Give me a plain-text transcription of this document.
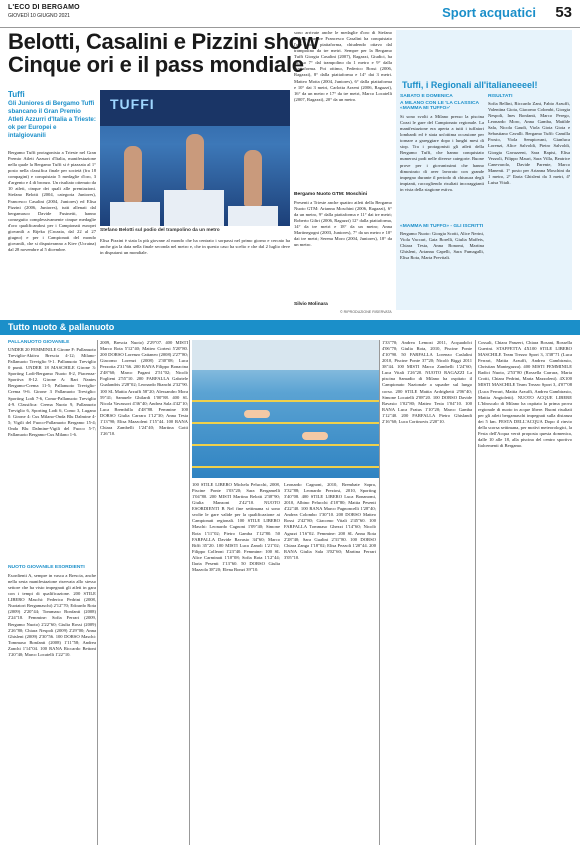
L'ECO DI BERGAMO
GIOVEDÌ 10 GIUGNO 2021	Sport acquatici 53
Belotti, Casalini e Pizzini show Cinque ori e il pass mondiale
Tuffi
Gli Juniores di Bergamo Tuffi sbancano il Gran Premio Atleti Azzurri d'Italia a Trieste: ok per Europei e intalgiovanili
Bergamo Tuffi protagonista a Trieste nel Gran Premio Atleti Azzurri d'Italia, manifestazione nella quale la Bergamo Tuffi si è piazzata al 1° posto nella classifica finale per società (fra 18 compagini) e conquistato 5 medaglie d'oro, 3 d'argento e 4 di bronzo. Un risultato ottenuto da 10 atleti, cinque dei quali alle premiazioni. Stefano Belotti (2004, categoria Juniores), Francesco Casalini (2004, Juniores) ed Elisa Pizzini (2006, Juniores), tutti allenati dal bergamasco Davide Fusinetti, hanno conseguito complessivamente cinque medaglie d'oro qualificandosi per i Campionati europei giovanili a Rijeka (Croazia, dal 22 al 27 giugno) e per i Campionati del mondo giovanili, che si disputeranno a Kiev (Ucraina) dal 28 novembre al 5 dicembre.
TUFFI
Stefano Belotti sul podio del trampolino da un metro
Elisa Pizzini è stata la più giovane al mondo che ha centrato i sorpassi nel primo giorno e cercato ha anche gia la data nella finale seconda nel metro e, che in questo caso ha scelto e che dal 2 luglio deve in disputarsi un mondiale.
sono arrivate anche le medaglie d'oro di Stefano Belotti, mentre Francesco Casalini ha conquistato l'oro dalla piattaforma, chiudendo ottavo dal trampolino da tre metri. Sempre per la Bergamo Tuffi Giorgia Casalini (2007), Ragazzi, Giudici, ha chiuso 7° dal trampolino da 1 metro e 9° dalla piattaforma. Poi ottimo, Federico Bossi (2006, Ragazzi), 8° dalla piattaforma e 14° dai 3 metri. Matteo Motta (2004, Juniores), 6° dalla piattaforma e 10° dai 3 metri, Carlotta Arzeni (2006, Ragazzi), 16° da un metro e 17° da tre metri, Marco Locatelli (2007, Ragazzi), 20° da un metro.
Bergamo Nuoto GTM: Moschini
Presenti a Trieste anche quattro atleti della Bergamo Nuoto GTM: Arianna Moschini (2006, Ragazzi), 6° da un metro, 9° dalla piattaforma e 11° dai tre metri; Roberto Giltri (2006, Ragazzi) 12° dalla piattaforma, 14° da tre metri e 18° da un metro; Anna Martinegogni (2003, Juniores), 7° da un metro e 10° dai tre metri; Serena Moro (2004, Juniores), 18° da un metro.
Silvio Molinara
© RIPRODUZIONE RISERVATA
Tuffi, i Regionali all'italianeeeel!
SABATO E DOMENICA
A MILANO CON LE 'LA CLASSICA «MAMMA MI TUFFO»'
Si sono svolti a Milano presso la piscina Cozzi le gare del Campionato regionale. La manifestazione era aperta a tutti i tuffatori lombardi ed è stata un'ottima occasione per tornare a gareggiare dopo i lunghi mesi di stop. Tra i protagonisti gli atleti della Bergamo Tuffi, che hanno conquistato numerosi podi nelle diverse categorie. Buone prove per i giovanissimi che hanno dimostrato di aver lavorato con grande impegno durante il periodo di chiusura degli impianti, raccogliendo risultati incoraggianti in vista della stagione estiva.
«MAMMA MI TUFFO» - GLI ISCRITTI
Bergamo Nuoto: Giorgia Scotti, Alice Nerini, Viola Vaccari, Gaia Borelli, Giulia Maffeis, Chiara Testa, Anna Bonomi, Martina Ghisleni, Arianna Capelli, Sara Fumagalli, Elisa Rota, Marta Previtali.
RISULTATI
Sofia Bellini, Riccardo Zani, Fabio Arzuffi, Valentina Gioia, Giacomo Colombi, Giorgia Nespoli, Ines Bonfanti, Marco Perego, Leonardo Moro, Anna Gamba, Matilde Sala, Nicola Gaudi, Viola Gioia Gioia e Sebastiano Cavalli. Bergamo Tuffi: Camilla Frosio, Viola Sempiovani, Gianluca Lorenzi, Alice Salvoldi, Pietro Salvoldi, Giorgia Gavazzeni, Sara Rapisi, Elisa Vezzoli, Filippo Mauri, Sara Villa, Beatrice Canevarolo, Davide Parente, Marco Manenti. 1° posto per Arianna Moschini da 1 metro, 2° Ilaria Ghisleni da 3 metri, 4ª Luisa Vitali.
Tutto nuoto & pallanuoto
PALLANUOTO GIOVANILE
UNDER 20 FEMMINILE Girone F: Pallanuoto Treviglio-Aktiva Brescia 4-12; Milano-Pallanuoto Treviglio 9-1. Pallanuoto Treviglio 0 punti. UNDER 18 MASCHILE Girone 3: Sporting Lodi-Bergamo Nuoto 8-2, Piacenza-Sportiva 8-12. Girone A: Rari Nantes Bergamo-Crema 11-5; Pallanuoto Treviglio-Crema 9-6. Girone 3 Pallanuoto Treviglio: Sporting Lodi 7-6, Como-Pallanuoto Treviglio 4-9. Classifica: Crema Nuoto 9, Pallanuoto Treviglio 6, Sporting Lodi 6, Como 3, Lugano 0. Girone 4: Cus Milano-Onda Blu Dalmine 4-5; Vigili del Fuoco-Pallanuoto Bergamo 15-4; Onda Blu Dalmine-Vigili del Fuoco 5-7; Pallanuoto Bergamo-Cus Milano 1-6.
NUOTO GIOVANILE ESORDIENTI
Esordienti A, sempre in vasca a Brescia, anche nella sesta manifestazione riservata allo stesso settore che ha visto impegnati gli atleti in gara con i tempi di qualificazione. 200 STILE LIBERO Maschi: Federico Pedrini (2008, Nuotatori Bergamaschi) 2'12"70; Edoardo Rota (2009) 2'20"44; Tommaso Bonfanti (2008) 2'24"18. Femmine: Sofia Ferrari (2009, Bergamo Nuoto) 2'22"60; Giulia Rossi (2009) 2'26"80; Chiara Nespoli (2009) 2'29"00; Anna Ghisleni (2009) 2'30"56. 100 DORSO Maschi: Tommaso Bonfanti (2008) 1'11"58; Andrea Zanchi 1'14"04. 100 RANA Riccardo Bettoni 1'20"40; Marco Locatelli 1'22"10.
2009, Brescia Nuoto) 2'29"07. 400 MISTI Marco Rota 5'12"40; Matteo Cortesi 5'20"80. 200 DORSO Lorenzo Cattaneo (2008) 2'27"80; Giacomo Lorenzi (2008) 2'30"08; Luca Pezzotta 2'31"66. 200 RANA Filippo Bonacina 2'48"60; Marco Pagani 2'51"02; Nicolò Foglieni 2'55"10. 200 FARFALLA Gabriele Gualandris 2'28"02; Leonardo Bianchi 2'32"90. 100 SL Mattia Arzuffi 58"20; Alessandro Mora 59"41; Samuele Ghilardi 1'00"88. 400 SL Nicola Vavassori 4'36"40; Andrea Sala 4'42"10; Luca Brembilla 4'48"88. Femmine 100 DORSO Giulia Carrara 1'12"30; Anna Testa 1'13"90; Elisa Mazzoleni 1'15"44. 100 RANA Chiara Zambelli 1'24"40; Martina Gotti 1'26"10.
100 STILE LIBERO Michela Pelucchi, 2008, Piscine Ponte 1'03"20; Sara Bergamelli 1'04"80. 200 MISTI Martina Belotti 2'38"90; Giulia Manzoni 2'42"10. NUOTO ESORDIENTI B Nel fine settimana si sono svolte le gare valide per la qualificazione ai Campionati regionali. 100 STILE LIBERO Maschi: Leonardo Cagnoni 1'09"40; Simone Rota 1'11"02; Pietro Gamba 1'12"80. 50 FARFALLA Davide Ravasio 34"60; Marco Biffi 35"20. 100 MISTI Luca Zanoli 1'21"02; Filippo Colleoni 1'23"40. Femmine: 100 SL Alice Carminati 1'10"08; Sofia Rota 1'12"44; Ilaria Pesenti 1'13"60. 50 DORSO Giulia Mazzola 38"20; Elena Bonzi 39"10.
Leonardo Cagnoni, 2010, Brembate Sopra, 3'32"88; Leonardo Preziosi, 2010, Sporting 3'40"08. 400 STILE LIBERO Luca Bonanomi, 2010, Albino Pelucchi 4'18"80; Mattia Pesenti 4'22"40. 100 RANA Marco Pagnoncelli 1'28"40; Andrea Colombo 1'30"10. 200 DORSO Matteo Rossi 2'42"80; Giacomo Vitali 2'45"60. 100 FARFALLA Tommaso Ghezzi 1'14"60; Nicolò Agazzi 1'16"02. Femmine: 200 SL Anna Rota 2'28"40; Sara Gualini 2'31"80. 100 DORSO Chiara Zanga 1'18"02; Elisa Pezzoli 1'20"44. 200 RANA Giulia Sala 3'02"60; Martina Ferrari 3'05"10.
1'33"70; Andrea Lemozi 2011, Acquadolci 4'06"70; Giulia Rota, 2010, Piscine Ponte 4'10"90. 50 FARFALLA Lorenzo Caslalini 2010, Piscine Ponte 37"20; Nicolò Biggi 2011 38"44. 100 MISTI Marco Zambelli 1'24"60; Luca Vitali 1'26"20. NUOTO RAGAZZI La piscina Samadio di Milano ha ospitato il Campionato Nazionale a squadre sul lungo corso. 200 STILE Mattia Ardrighetti 2'06"40; Simone Locatelli 2'08"20. 100 DORSO Davide Ravasio 1'02"80; Matteo Testa 1'04"10. 100 RANA Luca Fratus 1'10"20; Marco Gamba 1'12"40. 200 FARFALLA Pietro Ghislandi 2'16"60; Luca Cortinovis 2'20"10.
Cossali, Chiara Panzeri, Chiara Bosani, Rossella Guerini. STAFFETTA 4X100 STILE LIBERO MASCHILE Team Trezzo Sport 3, 3'38"71 (Luca Ferrari, Mattia Arzuffi, Andrea Gambirasio, Christian Mantegazza). 400 MISTI FEMMINILE Radici Nuoto, 2'53"80 (Rossella Carrara, Maria Crotti, Chiara Pedrini, Maria Mazzoleni). 4X100 MISTI MASCHILE Team Trezzo Sport 3, 4'07"08 (Luca Ferrari, Mattia Arzuffi, Andrea Gambirasio, Mattia Angioletti). NUOTO ACQUE LIBERE L'Idroscalo di Milano ha ospitato la prima prova regionale di nuoto in acque libere. Buoni risultati per gli atleti bergamaschi impegnati sulla distanza dei 5 km. FESTA DELL'ACQUA Dopo il rinvio della scorsa settimana, per motivi meteorologici, la Festa dell'Acqua verrà proposta questa domenica, dalle 10 alle 18, alla piscina del centro sportivo Italcementi di Bergamo.
